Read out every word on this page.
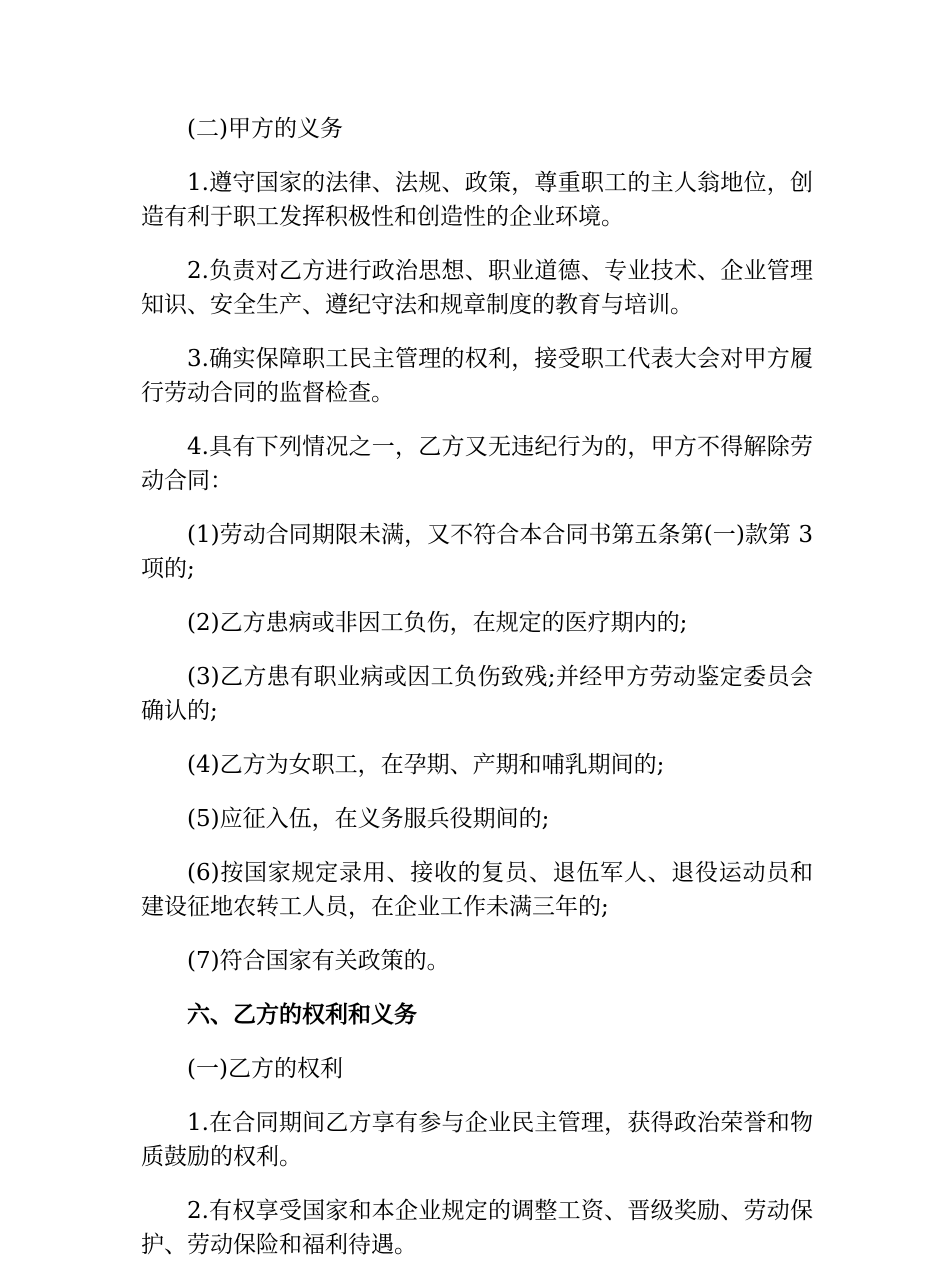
(二)甲方的义务

1.遵守国家的法律、法规、政策，尊重职工的主人翁地位，创造有利于职工发挥积极性和创造性的企业环境。

2.负责对乙方进行政治思想、职业道德、专业技术、企业管理知识、安全生产、遵纪守法和规章制度的教育与培训。

3.确实保障职工民主管理的权利，接受职工代表大会对甲方履行劳动合同的监督检查。

4.具有下列情况之一，乙方又无违纪行为的，甲方不得解除劳动合同：

(1)劳动合同期限未满，又不符合本合同书第五条第(一)款第 3 项的;

(2)乙方患病或非因工负伤，在规定的医疗期内的;

(3)乙方患有职业病或因工负伤致残;并经甲方劳动鉴定委员会确认的;

(4)乙方为女职工，在孕期、产期和哺乳期间的;

(5)应征入伍，在义务服兵役期间的;

(6)按国家规定录用、接收的复员、退伍军人、退役运动员和建设征地农转工人员，在企业工作未满三年的;

(7)符合国家有关政策的。

六、乙方的权利和义务

(一)乙方的权利

1.在合同期间乙方享有参与企业民主管理，获得政治荣誉和物质鼓励的权利。

2.有权享受国家和本企业规定的调整工资、晋级奖励、劳动保护、劳动保险和福利待遇。
